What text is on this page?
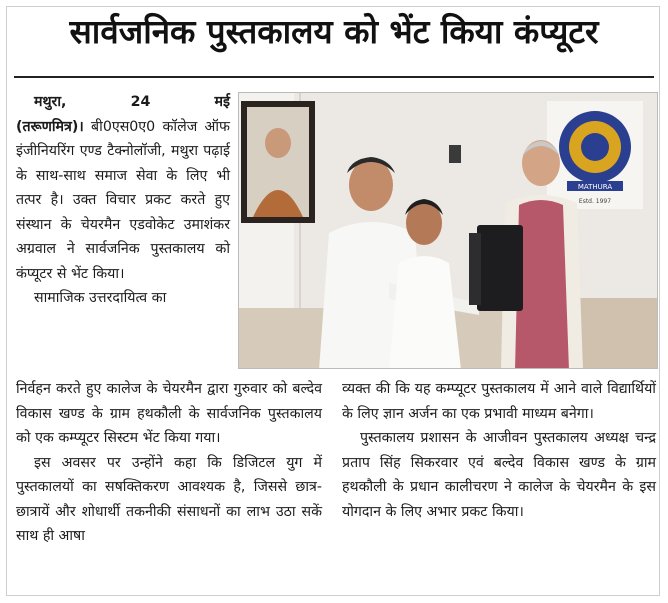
सार्वजनिक पुस्तकालय को भेंट किया कंप्यूटर

मथुरा,	24	मई

(तरूणमित्र)। बी0एस0ए0 कॉलेज ऑफ इंजीनियरिंग एण्ड टैक्नोलॉजी, मथुरा पढ़ाई के साथ-साथ समाज सेवा के लिए भी तत्पर है। उक्त विचार प्रकट करते हुए संस्थान के चेयरमैन एडवोकेट उमाशंकर अग्रवाल ने सार्वजनिक पुस्तकालय को कंप्यूटर से भेंट किया।

सामाजिक उत्तरदायित्व का

MATHURA
Estd. 1997

निर्वहन करते हुए कालेज के चेयरमैन द्वारा गुरुवार को बल्देव विकास खण्ड के ग्राम हथकौली के सार्वजनिक पुस्तकालय को एक कम्प्यूटर सिस्टम भेंट किया गया।

इस अवसर पर उन्होंने कहा कि डिजिटल युग में पुस्तकालयों का सषक्तिकरण आवश्यक है, जिससे छात्र-छात्रायें और शोधार्थी तकनीकी संसाधनों का लाभ उठा सकें साथ ही आषा

व्यक्त की कि यह कम्प्यूटर पुस्तकालय में आने वाले विद्यार्थियों के लिए ज्ञान अर्जन का एक प्रभावी माध्यम बनेगा।

पुस्तकालय प्रशासन के आजीवन पुस्तकालय अध्यक्ष चन्द्र प्रताप सिंह सिकरवार एवं बल्देव विकास खण्ड के ग्राम हथकौली के प्रधान कालीचरण ने कालेज के चेयरमैन के इस योगदान के लिए अभार प्रकट किया।
